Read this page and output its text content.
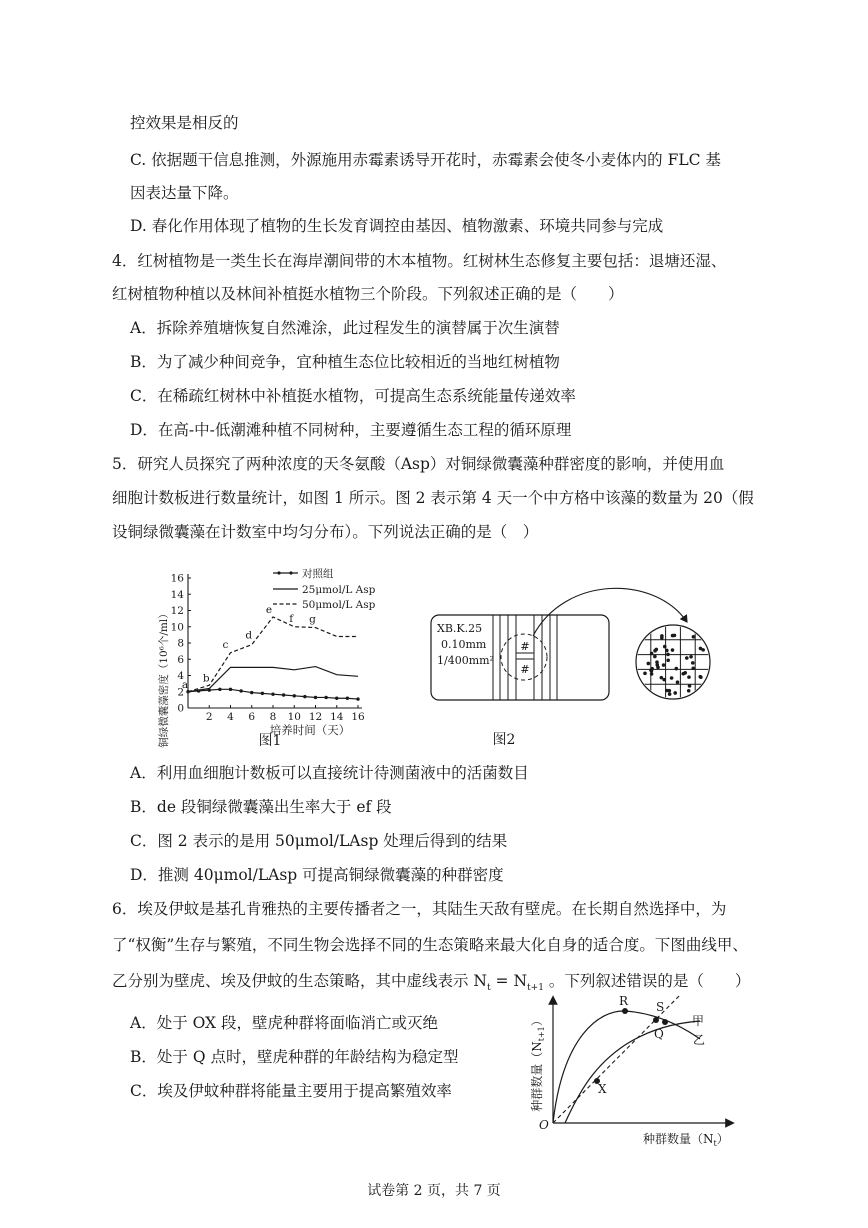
控效果是相反的
C. 依据题干信息推测，外源施用赤霉素诱导开花时，赤霉素会使冬小麦体内的 FLC 基
因表达量下降。
D. 春化作用体现了植物的生长发育调控由基因、植物激素、环境共同参与完成
4．红树植物是一类生长在海岸潮间带的木本植物。红树林生态修复主要包括：退塘还湿、
红树植物种植以及林间补植挺水植物三个阶段。下列叙述正确的是（　　）
A．拆除养殖塘恢复自然滩涂，此过程发生的演替属于次生演替
B．为了减少种间竞争，宜种植生态位比较相近的当地红树植物
C．在稀疏红树林中补植挺水植物，可提高生态系统能量传递效率
D．在高-中-低潮滩种植不同树种，主要遵循生态工程的循环原理
5．研究人员探究了两种浓度的天冬氨酸（Asp）对铜绿微囊藻种群密度的影响，并使用血
细胞计数板进行数量统计，如图 1 所示。图 2 表示第 4 天一个中方格中该藻的数量为 20（假
设铜绿微囊藻在计数室中均匀分布）。下列说法正确的是（　）
0
2
4
6
8
10
12
14
16
2 4 6 8 10 12 14 16
a
b
c
d
e
f g
铜绿微囊藻密度（10⁶个/ml）	培养时间（天）
图1
对照组
25μmol/L Asp
50μmol/L Asp
#
#
XB.K.25
0.10mm
1/400mm²
图2
A．利用血细胞计数板可以直接统计待测菌液中的活菌数目
B．de 段铜绿微囊藻出生率大于 ef 段
C．图 2 表示的是用 50μmol/LAsp 处理后得到的结果
D．推测 40μmol/LAsp 可提高铜绿微囊藻的种群密度
6．埃及伊蚊是基孔肯雅热的主要传播者之一，其陆生天敌有壁虎。在长期自然选择中，为
了“权衡”生存与繁殖，不同生物会选择不同的生态策略来最大化自身的适合度。下图曲线甲、
乙分别为壁虎、埃及伊蚊的生态策略，其中虚线表示 $N_t = N_{t+1}$ 。下列叙述错误的是（　　）
A．处于 OX 段，壁虎种群将面临消亡或灭绝
B．处于 Q 点时，壁虎种群的年龄结构为稳定型
C．埃及伊蚊种群将能量主要用于提高繁殖效率
O
R S
Q
X
甲
乙
种群数量$(N_{t+1})$
种群数量$(N_t)$
试卷第 2 页，共 7 页
